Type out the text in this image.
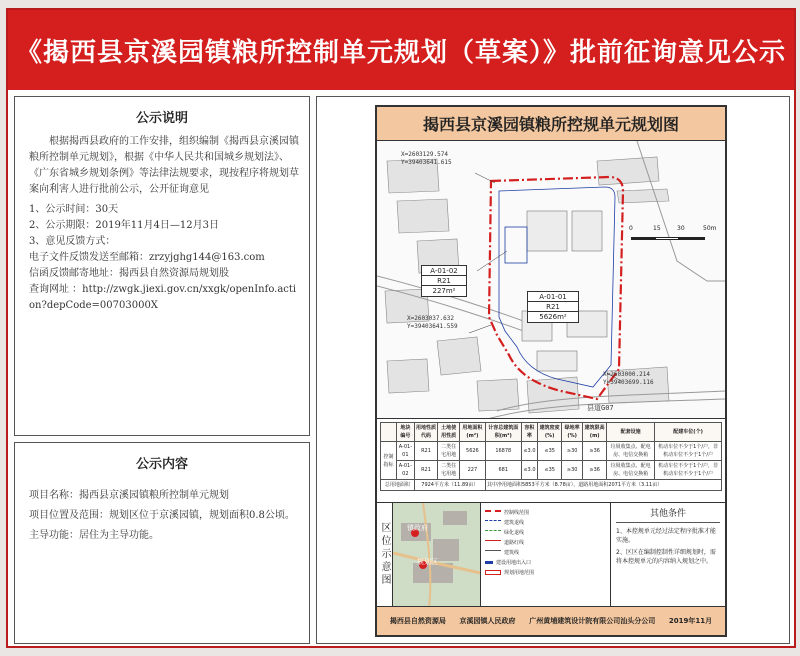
《揭西县京溪园镇粮所控制单元规划（草案）》批前征询意见公示
公示说明

根据揭西县政府的工作安排，组织编制《揭西县京溪园镇粮所控制单元规划》，根据《中华人民共和国城乡规划法》、《广东省城乡规划条例》等法律法规要求，现按程序将规划草案向利害人进行批前公示，公开征询意见

1、公示时间：30天

2、公示期限：2019年11月4日—12月3日

3、意见反馈方式：

电子文件反馈发送至邮箱：zrzyjghg144@163.com

信函反馈邮寄地址：揭西县自然资源局规划股

查询网址 ：http://zwgk.jiexi.gov.cn/xxgk/openInfo.action?depCode=00703000X

公示内容

项目名称：揭西县京溪园镇粮所控制单元规划

项目位置及范围：规划区位于京溪园镇，规划面积0.8公顷。

主导功能：居住为主导功能。

揭西县京溪园镇粮所控规单元规划图
X=2603129.574
Y=39403641.615
X=2603037.632
Y=39403641.559
X=2603000.214
Y=39403699.116
A-01-02
R21
227m²
A-01-01
R21
5626m²
0	15	30	50m
县道G07
	地块编号	用地性质代码	土地使用性质	用地面积(m²)	计容总建筑面积(m²)	容积率	建筑密度(%)	绿地率(%)	建筑限高(m)	配套设施	配建车位(个)
控制指标	A-01-01	R21	二类住宅用地	5626	16878	≤3.0	≤35	≥30	≥36	垃圾收集点、配电房、电信交换箱	机动车位不少于1个/户，非机动车位不少于1个/户
	A-01-02	R21	二类住宅用地	227	681	≤3.0	≤35	≥30	≥36	垃圾收集点、配电房、电信交换箱	机动车位不少于1个/户，非机动车位不少于1个/户
总用地面积		7924平方米（11.89亩）			其中净用地面积5853平方米（8.78亩），道路用地面积2071平方米（3.11亩）						
区位示意图	镇政府
规划区
控制线范围
建筑退线
绿化退线
道路红线
建筑线
建设用地出入口
规划用地范围
其他条件

1、本控规单元经过法定程序批准才能实施。

2、区区在编制控制性详细规划时，需将本控规单元的内容纳入规划之中。

揭西县自然资源局 京溪园镇人民政府 广州黄埔建筑设计院有限公司汕头分公司 2019年11月
